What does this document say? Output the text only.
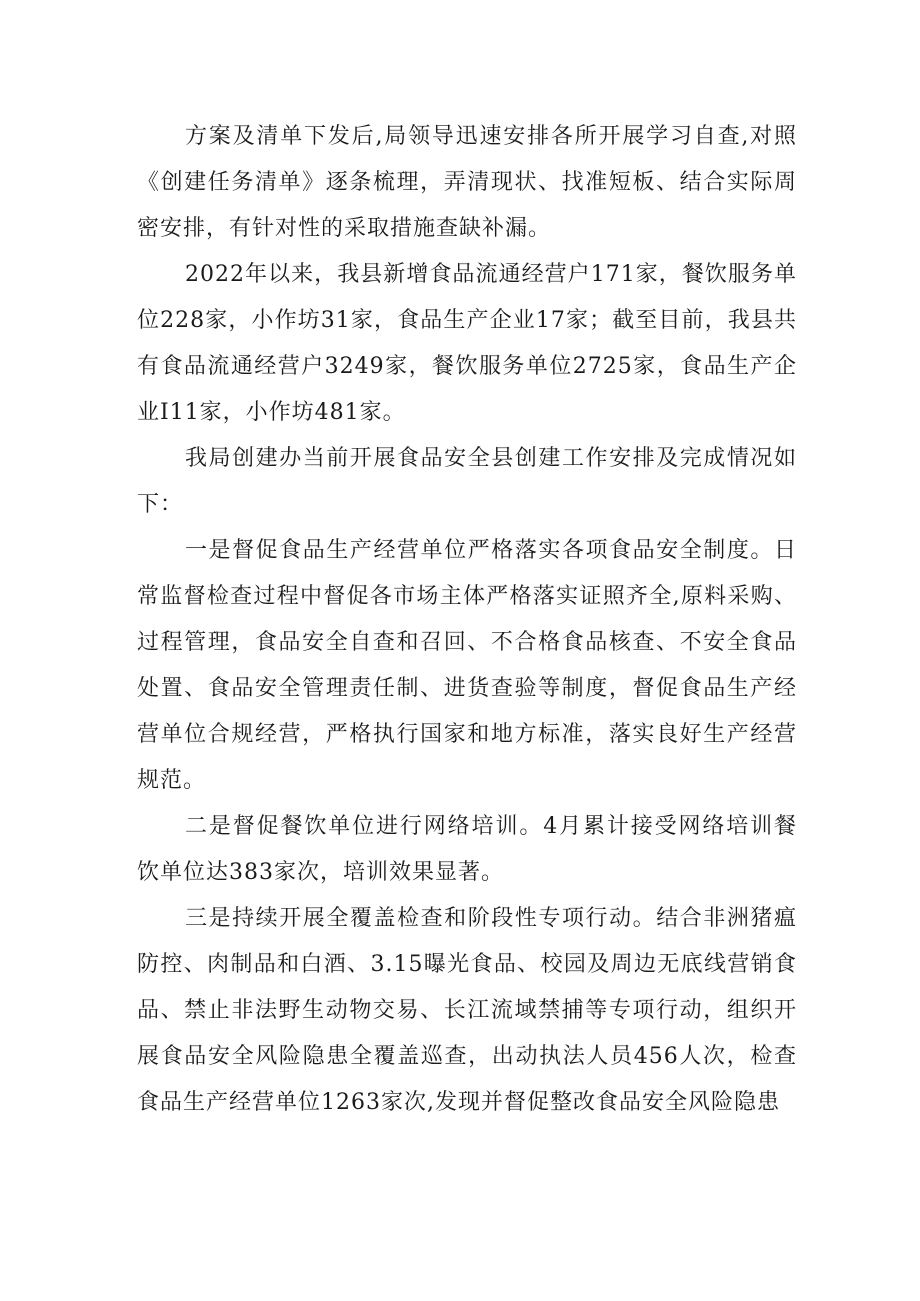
方案及清单下发后,局领导迅速安排各所开展学习自查,对照《创建任务清单》逐条梳理，弄清现状、找准短板、结合实际周密安排，有针对性的采取措施查缺补漏。

2022年以来，我县新增食品流通经营户171家，餐饮服务单位228家，小作坊31家，食品生产企业17家；截至目前，我县共有食品流通经营户3249家，餐饮服务单位2725家，食品生产企业I11家，小作坊481家。

我局创建办当前开展食品安全县创建工作安排及完成情况如下：

一是督促食品生产经营单位严格落实各项食品安全制度。日常监督检查过程中督促各市场主体严格落实证照齐全,原料采购、过程管理，食品安全自查和召回、不合格食品核查、不安全食品处置、食品安全管理责任制、进货查验等制度，督促食品生产经营单位合规经营，严格执行国家和地方标准，落实良好生产经营规范。

二是督促餐饮单位进行网络培训。4月累计接受网络培训餐饮单位达383家次，培训效果显著。

三是持续开展全覆盖检查和阶段性专项行动。结合非洲猪瘟防控、肉制品和白酒、3.15曝光食品、校园及周边无底线营销食品、禁止非法野生动物交易、长江流域禁捕等专项行动，组织开展食品安全风险隐患全覆盖巡查，出动执法人员456人次，检查食品生产经营单位1263家次,发现并督促整改食品安全风险隐患
